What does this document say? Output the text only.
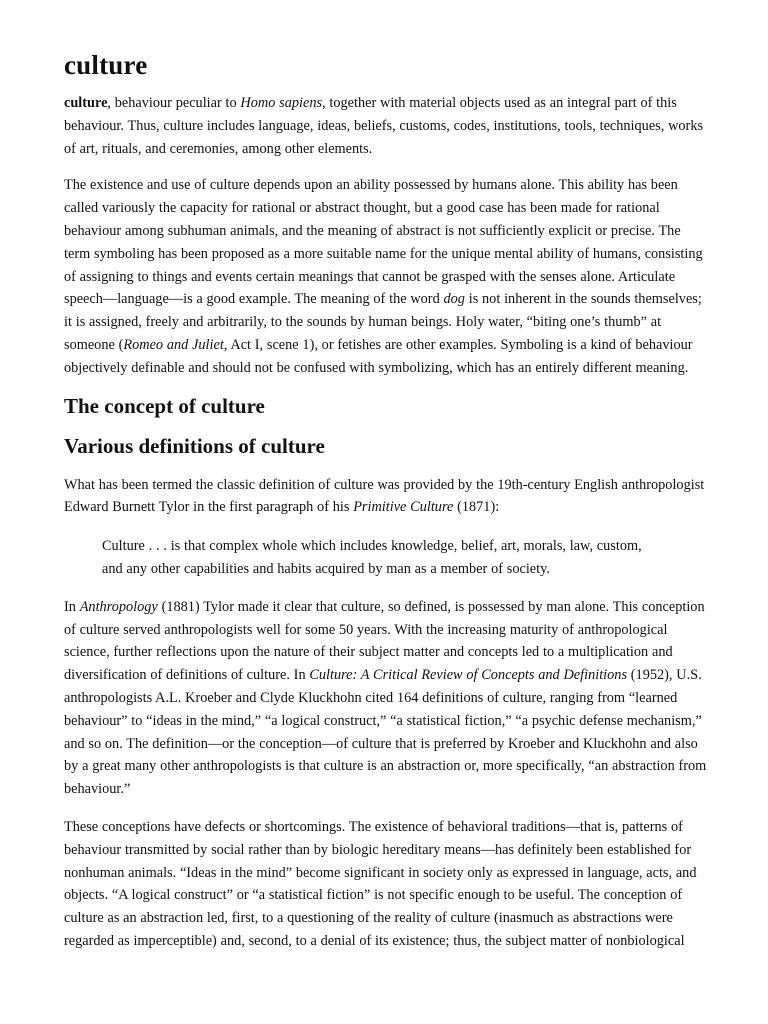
culture

culture, behaviour peculiar to Homo sapiens, together with material objects used as an integral part of this behaviour. Thus, culture includes language, ideas, beliefs, customs, codes, institutions, tools, techniques, works of art, rituals, and ceremonies, among other elements.

The existence and use of culture depends upon an ability possessed by humans alone. This ability has been called variously the capacity for rational or abstract thought, but a good case has been made for rational behaviour among subhuman animals, and the meaning of abstract is not sufficiently explicit or precise. The term symboling has been proposed as a more suitable name for the unique mental ability of humans, consisting of assigning to things and events certain meanings that cannot be grasped with the senses alone. Articulate speech—language—is a good example. The meaning of the word dog is not inherent in the sounds themselves; it is assigned, freely and arbitrarily, to the sounds by human beings. Holy water, “biting one’s thumb” at someone (Romeo and Juliet, Act I, scene 1), or fetishes are other examples. Symboling is a kind of behaviour objectively definable and should not be confused with symbolizing, which has an entirely different meaning.

The concept of culture
Various definitions of culture

What has been termed the classic definition of culture was provided by the 19th-century English anthropologist Edward Burnett Tylor in the first paragraph of his Primitive Culture (1871):

Culture . . . is that complex whole which includes knowledge, belief, art, morals, law, custom, and any other capabilities and habits acquired by man as a member of society.

In Anthropology (1881) Tylor made it clear that culture, so defined, is possessed by man alone. This conception of culture served anthropologists well for some 50 years. With the increasing maturity of anthropological science, further reflections upon the nature of their subject matter and concepts led to a multiplication and diversification of definitions of culture. In Culture: A Critical Review of Concepts and Definitions (1952), U.S. anthropologists A.L. Kroeber and Clyde Kluckhohn cited 164 definitions of culture, ranging from “learned behaviour” to “ideas in the mind,” “a logical construct,” “a statistical fiction,” “a psychic defense mechanism,” and so on. The definition—or the conception—of culture that is preferred by Kroeber and Kluckhohn and also by a great many other anthropologists is that culture is an abstraction or, more specifically, “an abstraction from behaviour.”

These conceptions have defects or shortcomings. The existence of behavioral traditions—that is, patterns of behaviour transmitted by social rather than by biologic hereditary means—has definitely been established for nonhuman animals. “Ideas in the mind” become significant in society only as expressed in language, acts, and objects. “A logical construct” or “a statistical fiction” is not specific enough to be useful. The conception of culture as an abstraction led, first, to a questioning of the reality of culture (inasmuch as abstractions were regarded as imperceptible) and, second, to a denial of its existence; thus, the subject matter of nonbiological
